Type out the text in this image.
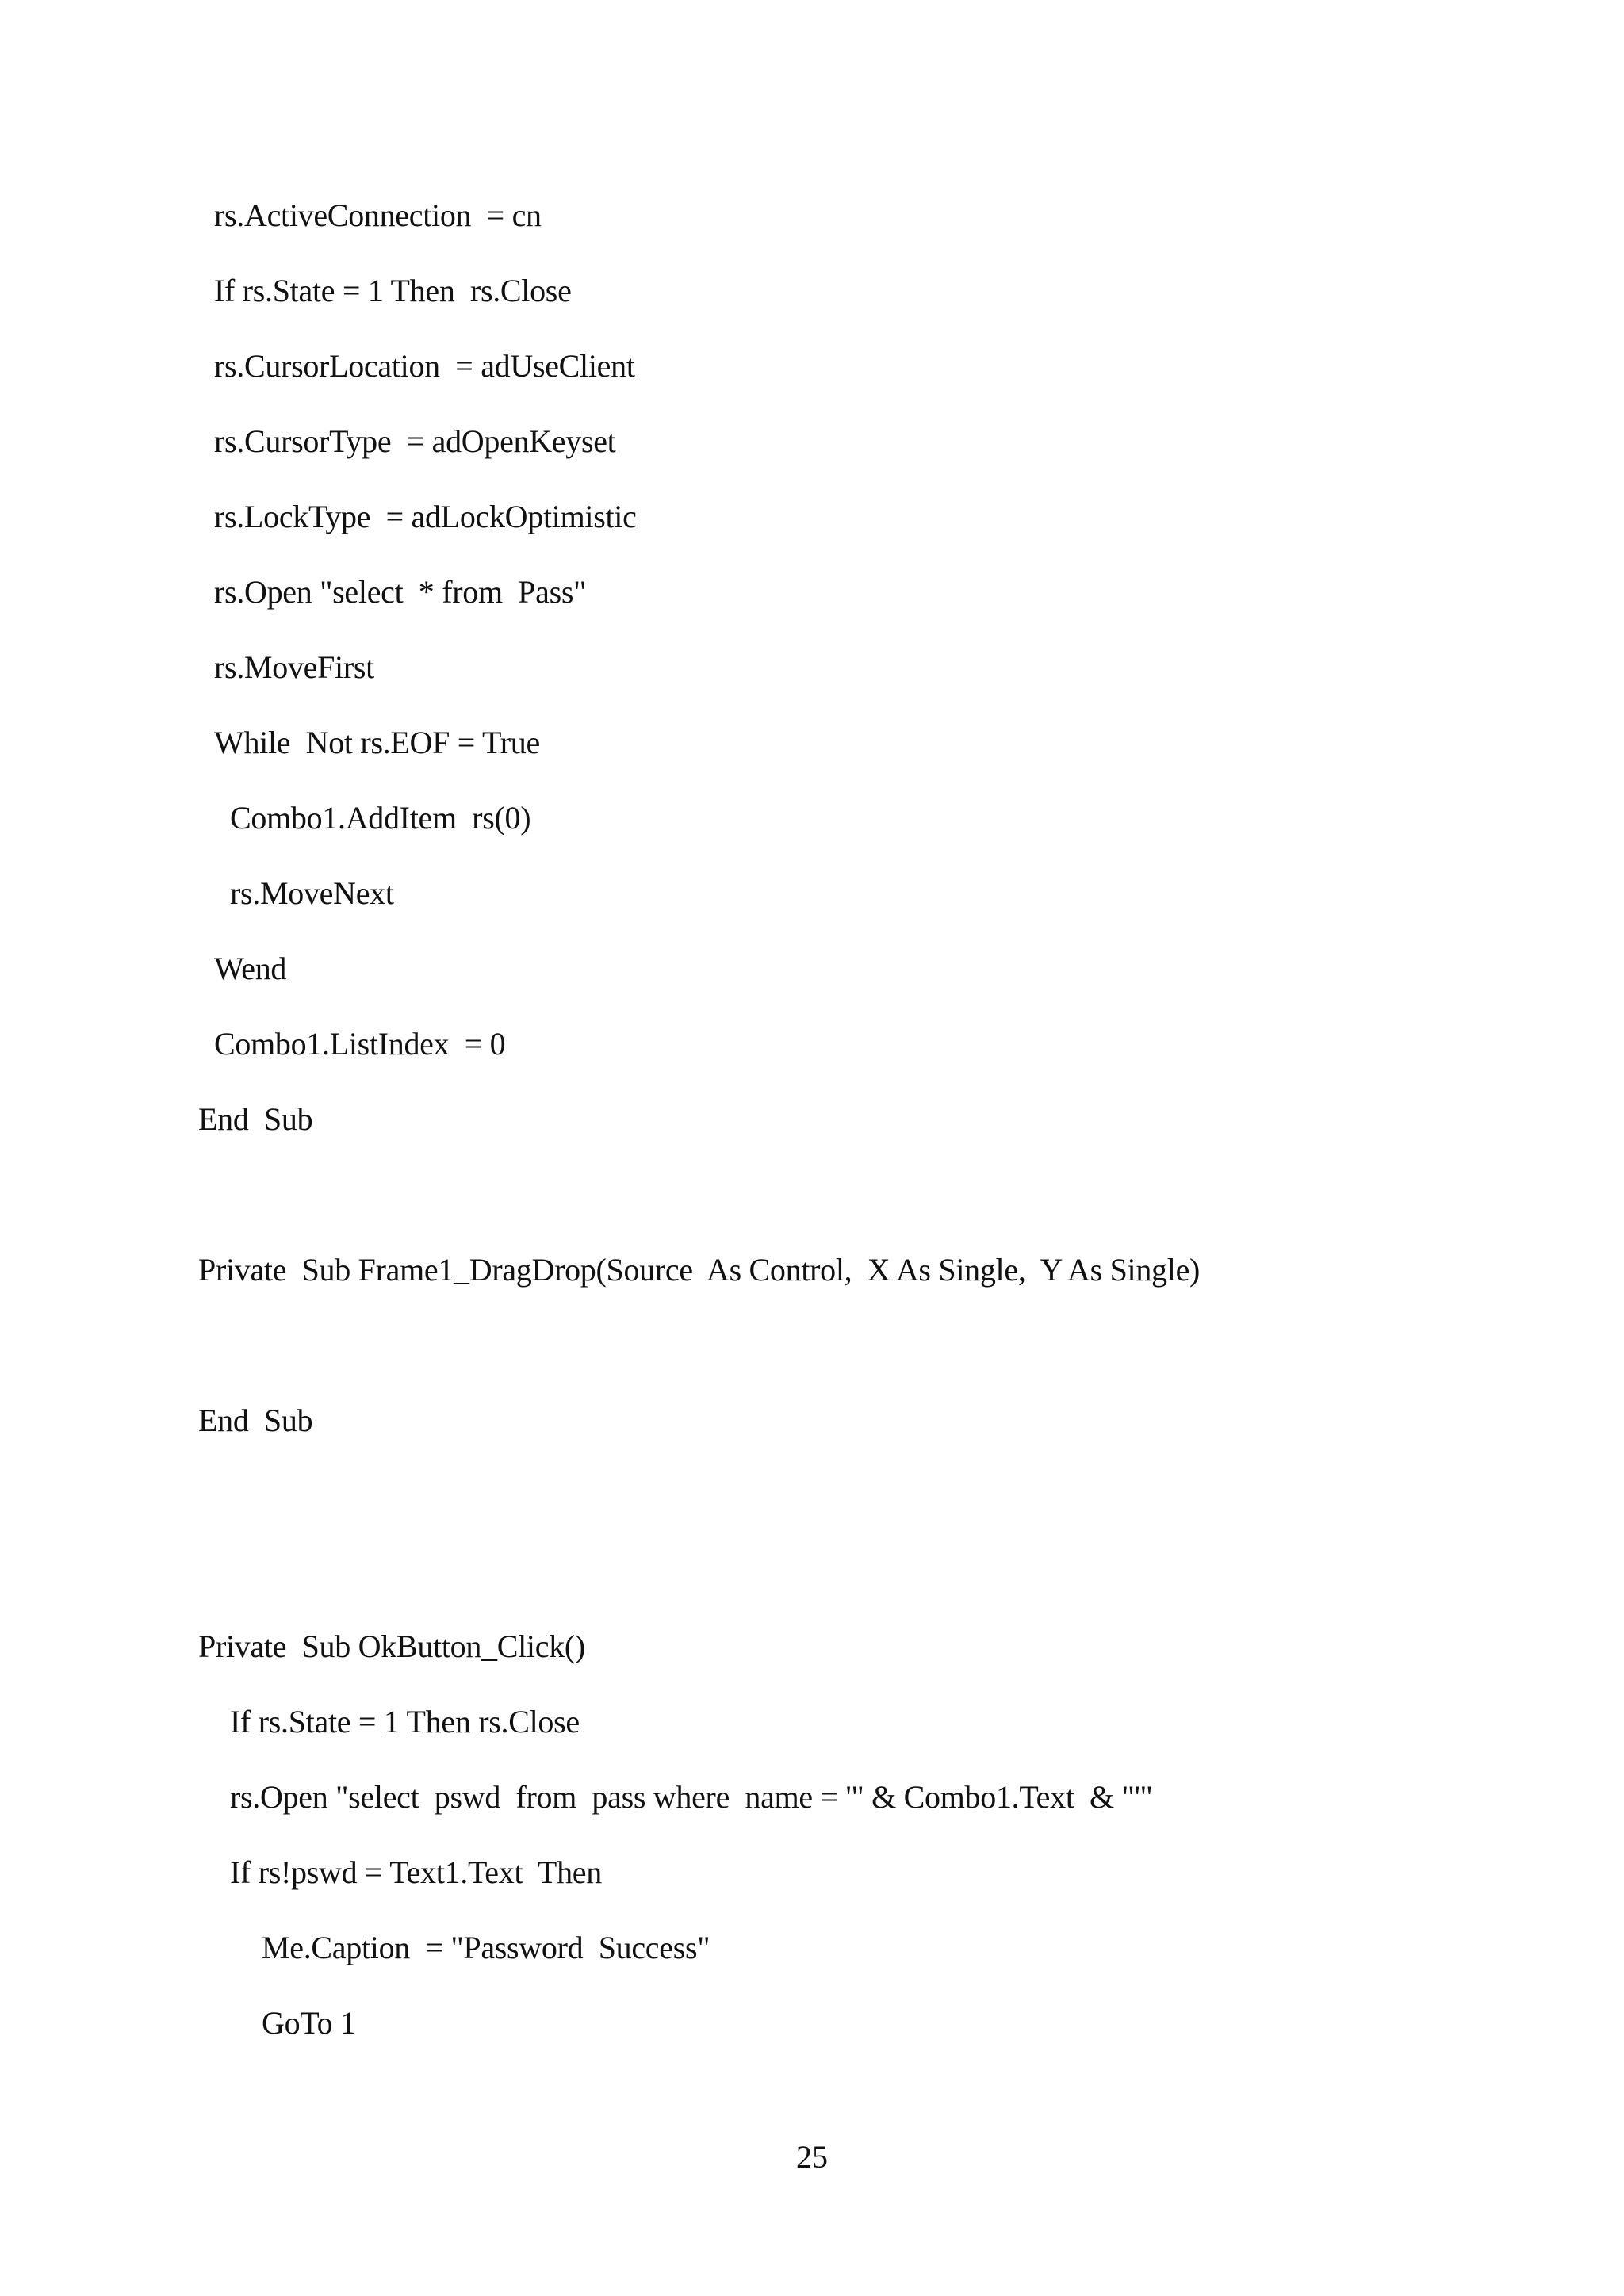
rs.ActiveConnection  = cn
If rs.State = 1 Then  rs.Close
rs.CursorLocation  = adUseClient
rs.CursorType  = adOpenKeyset
rs.LockType  = adLockOptimistic
rs.Open "select  * from  Pass"
rs.MoveFirst
While  Not rs.EOF = True
Combo1.AddItem  rs(0)
rs.MoveNext
Wend
Combo1.ListIndex  = 0
End  Sub
Private  Sub Frame1_DragDrop(Source  As Control,  X As Single,  Y As Single)
End  Sub
Private  Sub OkButton_Click()
If rs.State = 1 Then rs.Close
rs.Open "select  pswd  from  pass where  name = '" & Combo1.Text  & "'"
If rs!pswd = Text1.Text  Then
Me.Caption  = "Password  Success"
GoTo 1
25
